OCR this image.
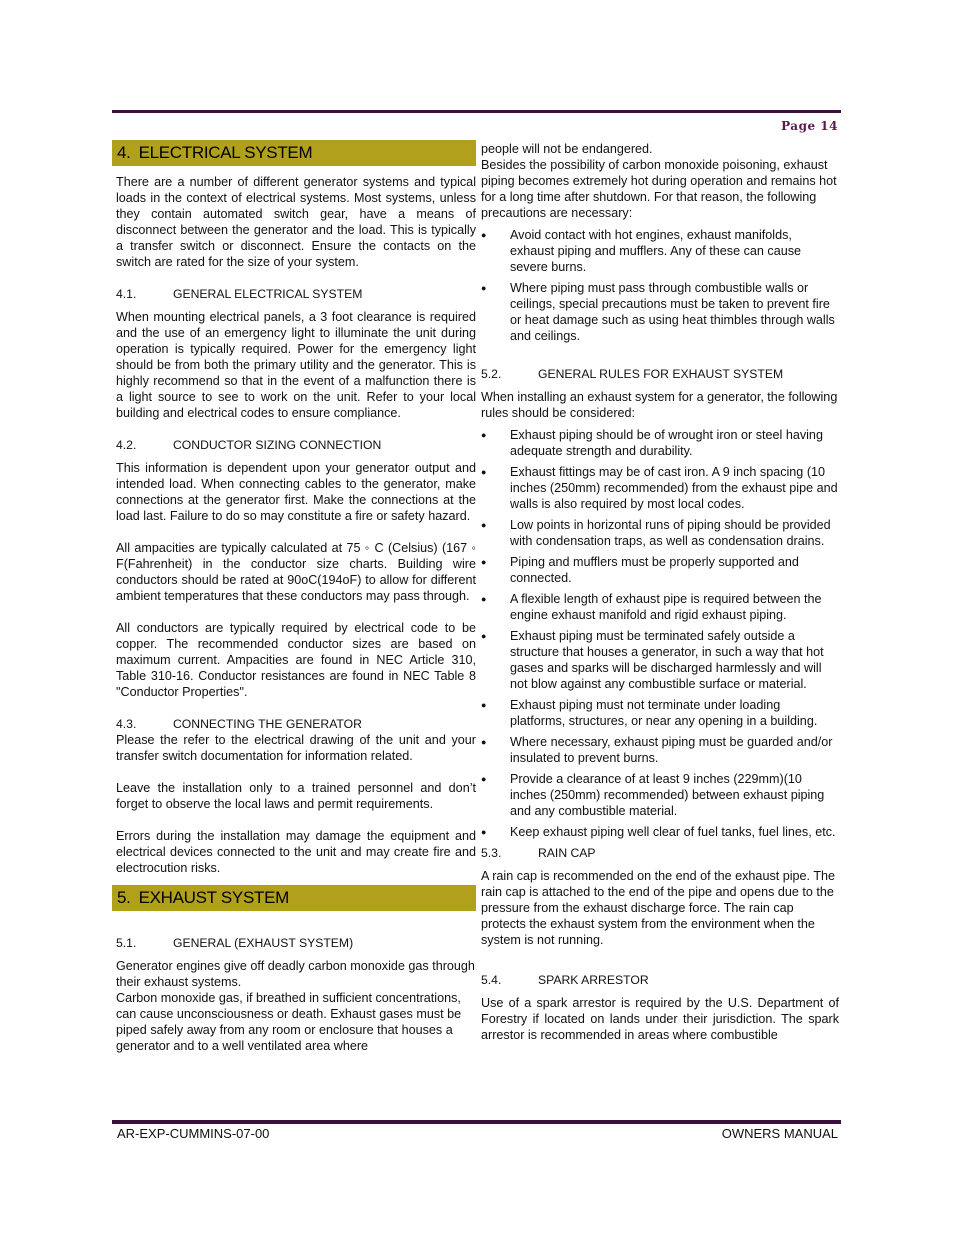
Page 14
4. ELECTRICAL SYSTEM

There are a number of different generator systems and typical loads in the context of electrical systems. Most systems, unless they contain automated switch gear, have a means of disconnect between the generator and the load. This is typically a transfer switch or disconnect. Ensure the contacts on the switch are rated for the size of your system.

4.1.	GENERAL ELECTRICAL SYSTEM

When mounting electrical panels, a 3 foot clearance is required and the use of an emergency light to illuminate the unit during operation is typically required. Power for the emergency light should be from both the primary utility and the generator. This is highly recommend so that in the event of a malfunction there is a light source to see to work on the unit. Refer to your local building and electrical codes to ensure compliance.

4.2.	CONDUCTOR SIZING CONNECTION

This information is dependent upon your generator output and intended load. When connecting cables to the generator, make connections at the generator first. Make the connections at the load last. Failure to do so may constitute a fire or safety hazard.

All ampacities are typically calculated at 75 ◦ C (Celsius) (167 ◦ F(Fahrenheit) in the conductor size charts. Building wire conductors should be rated at 90oC(194oF) to allow for different ambient temperatures that these conductors may pass through.

All conductors are typically required by electrical code to be copper. The recommended conductor sizes are based on maximum current. Ampacities are found in NEC Article 310, Table 310-16. Conductor resistances are found in NEC Table 8 "Conductor Properties".

4.3.	CONNECTING THE GENERATOR

Please the refer to the electrical drawing of the unit and your transfer switch documentation for information related.

Leave the installation only to a trained personnel and don’t forget to observe the local laws and permit requirements.

Errors during the installation may damage the equipment and electrical devices connected to the unit and may create fire and electrocution risks.

5. EXHAUST SYSTEM
5.1.	GENERAL (EXHAUST SYSTEM)

Generator engines give off deadly carbon monoxide gas through their exhaust systems.

Carbon monoxide gas, if breathed in sufficient concentrations, can cause unconsciousness or death. Exhaust gases must be piped safely away from any room or enclosure that houses a generator and to a well ventilated area where

people will not be endangered.

Besides the possibility of carbon monoxide poisoning, exhaust piping becomes extremely hot during operation and remains hot for a long time after shutdown. For that reason, the following precautions are necessary:

● Avoid contact with hot engines, exhaust manifolds, exhaust piping and mufflers. Any of these can cause severe burns.
● Where piping must pass through combustible walls or ceilings, special precautions must be taken to prevent fire or heat damage such as using heat thimbles through walls and ceilings.
5.2.	GENERAL RULES FOR EXHAUST SYSTEM

When installing an exhaust system for a generator, the following rules should be considered:

● Exhaust piping should be of wrought iron or steel having adequate strength and durability.
● Exhaust fittings may be of cast iron. A 9 inch spacing (10 inches (250mm) recommended) from the exhaust pipe and walls is also required by most local codes.
● Low points in horizontal runs of piping should be provided with condensation traps, as well as condensation drains.
● Piping and mufflers must be properly supported and connected.
● A flexible length of exhaust pipe is required between the engine exhaust manifold and rigid exhaust piping.
● Exhaust piping must be terminated safely outside a structure that houses a generator, in such a way that hot gases and sparks will be discharged harmlessly and will not blow against any combustible surface or material.
● Exhaust piping must not terminate under loading platforms, structures, or near any opening in a building.
● Where necessary, exhaust piping must be guarded and/or insulated to prevent burns.
● Provide a clearance of at least 9 inches (229mm)(10 inches (250mm) recommended) between exhaust piping and any combustible material.
● Keep exhaust piping well clear of fuel tanks, fuel lines, etc.
5.3.	RAIN CAP

A rain cap is recommended on the end of the exhaust pipe. The rain cap is attached to the end of the pipe and opens due to the pressure from the exhaust discharge force. The rain cap protects the exhaust system from the environment when the system is not running.

5.4.	SPARK ARRESTOR

Use of a spark arrestor is required by the U.S. Department of Forestry if located on lands under their jurisdiction. The spark arrestor is recommended in areas where combustible

AR-EXP-CUMMINS-07-00	OWNERS MANUAL
